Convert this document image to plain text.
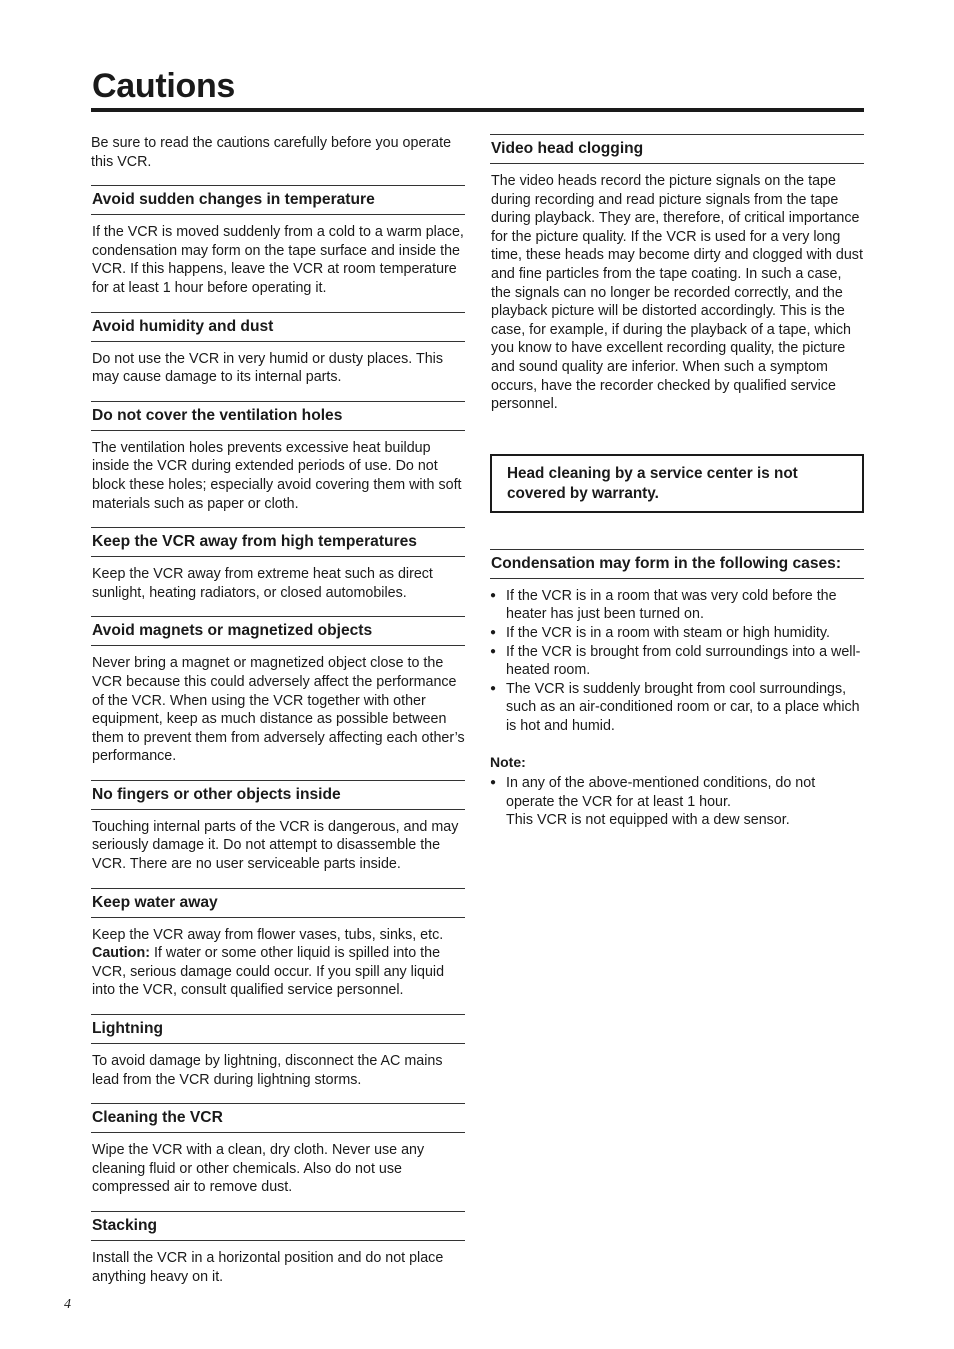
Cautions

Be sure to read the cautions carefully before you operate this VCR.

Avoid sudden changes in temperature

If the VCR is moved suddenly from a cold to a warm place, condensation may form on the tape surface and inside the VCR. If this happens, leave the VCR at room temperature for at least 1 hour before operating it.

Avoid humidity and dust

Do not use the VCR in very humid or dusty places. This may cause damage to its internal parts.

Do not cover the ventilation holes

The ventilation holes prevents excessive heat buildup inside the VCR during extended periods of use. Do not block these holes; especially avoid covering them with soft materials such as paper or cloth.

Keep the VCR away from high temperatures

Keep the VCR away from extreme heat such as direct sunlight, heating radiators, or closed automobiles.

Avoid magnets or magnetized objects

Never bring a magnet or magnetized object close to the VCR because this could adversely affect the performance of the VCR. When using the VCR together with other equipment, keep as much distance as possible between them to prevent them from adversely affecting each other’s performance.

No fingers or other objects inside

Touching internal parts of the VCR is dangerous, and may seriously damage it. Do not attempt to disassemble the VCR. There are no user serviceable parts inside.

Keep water away

Keep the VCR away from flower vases, tubs, sinks, etc.
Caution: If water or some other liquid is spilled into the VCR, serious damage could occur. If you spill any liquid into the VCR, consult qualified service personnel.

Lightning

To avoid damage by lightning, disconnect the AC mains lead from the VCR during lightning storms.

Cleaning the VCR

Wipe the VCR with a clean, dry cloth. Never use any cleaning fluid or other chemicals. Also do not use compressed air to remove dust.

Stacking

Install the VCR in a horizontal position and do not place anything heavy on it.

Video head clogging

The video heads record the picture signals on the tape during recording and read picture signals from the tape during playback. They are, therefore, of critical importance for the picture quality. If the VCR is used for a very long time, these heads may become dirty and clogged with dust and fine particles from the tape coating. In such a case, the signals can no longer be recorded correctly, and the playback picture will be distorted accordingly. This is the case, for example, if during the playback of a tape, which you know to have excellent recording quality, the picture and sound quality are inferior. When such a symptom occurs, have the recorder checked by qualified service personnel.

Head cleaning by a service center is not covered by warranty.
Condensation may form in the following cases:
● If the VCR is in a room that was very cold before the heater has just been turned on.
● If the VCR is in a room with steam or high humidity.
● If the VCR is brought from cold surroundings into a well-heated room.
● The VCR is suddenly brought from cool surroundings, such as an air-conditioned room or car, to a place which is hot and humid.

Note:

● In any of the above-mentioned conditions, do not operate the VCR for at least 1 hour.

This VCR is not equipped with a dew sensor.

4
